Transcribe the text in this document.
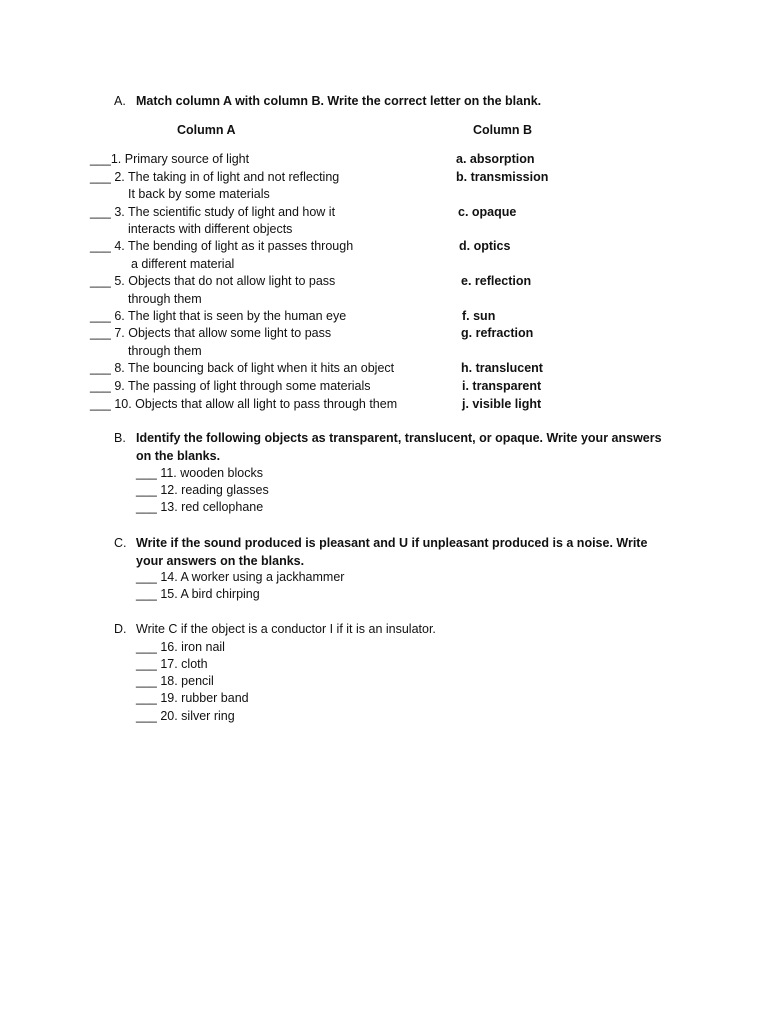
A. Match column A with column B. Write the correct letter on the blank.
Column A	Column B
___1. Primary source of light
___ 2. The taking in of light and not reflecting
It back by some materials
___ 3. The scientific study of light and how it
interacts with different objects
___ 4. The bending of light as it passes through
a different material
___ 5. Objects that do not allow light to pass
through them
___ 6. The light that is seen by the human eye
___ 7. Objects that allow some light to pass
through them
___ 8. The bouncing back of light when it hits an object
___ 9. The passing of light through some materials
___ 10. Objects that allow all light to pass through them
a. absorption
b. transmission
c. opaque
d. optics
e. reflection
f. sun
g. refraction
h. translucent
i. transparent
j. visible light
B. Identify the following objects as transparent, translucent, or opaque. Write your answers on the blanks.
___ 11. wooden blocks
___ 12. reading glasses
___ 13. red cellophane
C. Write if the sound produced is pleasant and U if unpleasant produced is a noise. Write your answers on the blanks.
___ 14. A worker using a jackhammer
___ 15. A bird chirping
D. Write C if the object is a conductor I if it is an insulator.
___ 16. iron nail
___ 17. cloth
___ 18. pencil
___ 19. rubber band
___ 20. silver ring
